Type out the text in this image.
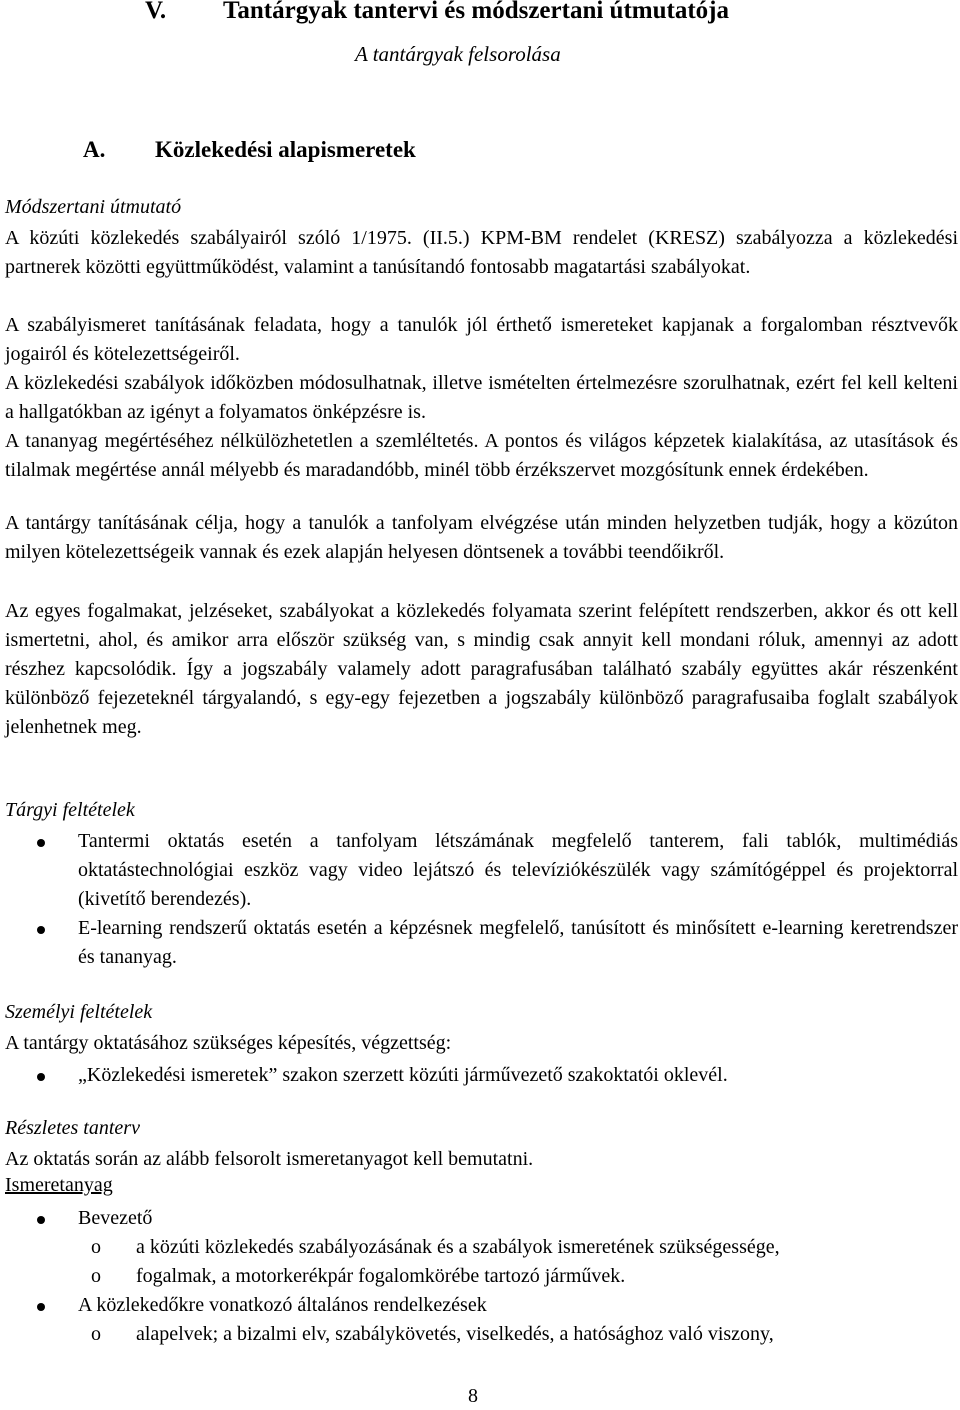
V. Tantárgyak tantervi és módszertani útmutatója
A tantárgyak felsorolása
A. Közlekedési alapismeretek
Módszertani útmutató
A közúti közlekedés szabályairól szóló 1/1975. (II.5.) KPM-BM rendelet (KRESZ) szabályozza a közlekedési partnerek közötti együttműködést, valamint a tanúsítandó fontosabb magatartási szabályokat.
A szabályismeret tanításának feladata, hogy a tanulók jól érthető ismereteket kapjanak a forgalomban résztvevők jogairól és kötelezettségeiről.
A közlekedési szabályok időközben módosulhatnak, illetve ismételten értelmezésre szorulhatnak, ezért fel kell kelteni a hallgatókban az igényt a folyamatos önképzésre is.
A tananyag megértéséhez nélkülözhetetlen a szemléltetés. A pontos és világos képzetek kialakítása, az utasítások és tilalmak megértése annál mélyebb és maradandóbb, minél több érzékszervet mozgósítunk ennek érdekében.
A tantárgy tanításának célja, hogy a tanulók a tanfolyam elvégzése után minden helyzetben tudják, hogy a közúton milyen kötelezettségeik vannak és ezek alapján helyesen döntsenek a további teendőikről.
Az egyes fogalmakat, jelzéseket, szabályokat a közlekedés folyamata szerint felépített rendszerben, akkor és ott kell ismertetni, ahol, és amikor arra először szükség van, s mindig csak annyit kell mondani róluk, amennyi az adott részhez kapcsolódik. Így a jogszabály valamely adott paragrafusában található szabály együttes akár részenként különböző fejezeteknél tárgyalandó, s egy-egy fejezetben a jogszabály különböző paragrafusaiba foglalt szabályok jelenhetnek meg.
Tárgyi feltételek
Tantermi oktatás esetén a tanfolyam létszámának megfelelő tanterem, fali tablók, multimédiás oktatástechnológiai eszköz vagy video lejátszó és televíziókészülék vagy számítógéppel és projektorral (kivetítő berendezés).
E-learning rendszerű oktatás esetén a képzésnek megfelelő, tanúsított és minősített e-learning keretrendszer és tananyag.
Személyi feltételek
A tantárgy oktatásához szükséges képesítés, végzettség:
„Közlekedési ismeretek” szakon szerzett közúti járművezető szakoktatói oklevél.
Részletes tanterv
Az oktatás során az alább felsorolt ismeretanyagot kell bemutatni.
Ismeretanyag
Bevezető
o a közúti közlekedés szabályozásának és a szabályok ismeretének szükségessége,
o fogalmak, a motorkerékpár fogalomkörébe tartozó járművek.
A közlekedőkre vonatkozó általános rendelkezések
o alapelvek; a bizalmi elv, szabálykövetés, viselkedés, a hatósághoz való viszony,
8
